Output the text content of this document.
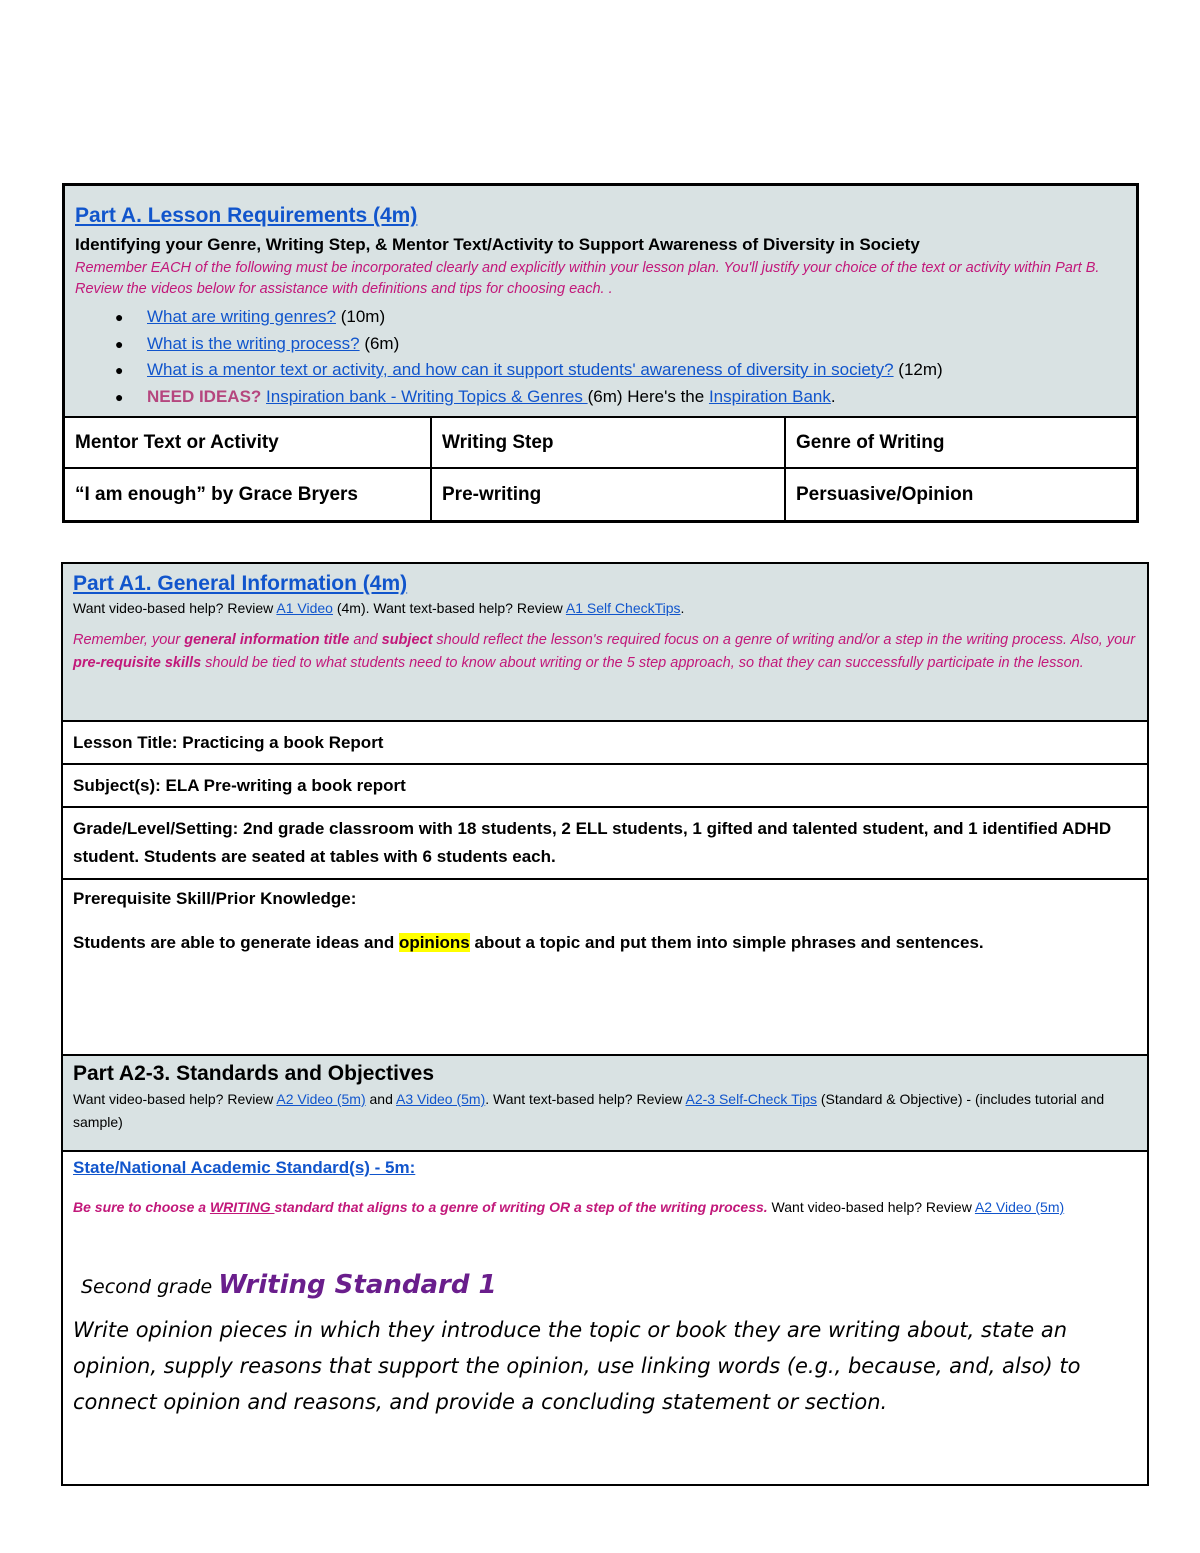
Part A. Lesson Requirements (4m)
Identifying your Genre, Writing Step, & Mentor Text/Activity to Support Awareness of Diversity in Society
Remember EACH of the following must be incorporated clearly and explicitly within your lesson plan. You'll justify your choice of the text or activity within Part B. Review the videos below for assistance with definitions and tips for choosing each. .
● What are writing genres? (10m)
● What is the writing process? (6m)
● What is a mentor text or activity, and how can it support students' awareness of diversity in society? (12m)
● NEED IDEAS? Inspiration bank - Writing Topics & Genres (6m) Here's the Inspiration Bank.
Mentor Text or Activity	Writing Step	Genre of Writing
“I am enough” by Grace Bryers	Pre-writing	Persuasive/Opinion
Part A1. General Information (4m)
Want video-based help? Review A1 Video (4m). Want text-based help? Review A1 Self CheckTips.
Remember, your general information title and subject should reflect the lesson's required focus on a genre of writing and/or a step in the writing process. Also, your pre-requisite skills should be tied to what students need to know about writing or the 5 step approach, so that they can successfully participate in the lesson.
Lesson Title: Practicing a book Report
Subject(s): ELA Pre-writing a book report
Grade/Level/Setting: 2nd grade classroom with 18 students, 2 ELL students, 1 gifted and talented student, and 1 identified ADHD student. Students are seated at tables with 6 students each.
Prerequisite Skill/Prior Knowledge:
Students are able to generate ideas and opinions about a topic and put them into simple phrases and sentences.
Part A2-3. Standards and Objectives
Want video-based help? Review A2 Video (5m) and A3 Video (5m). Want text-based help? Review A2-3 Self-Check Tips (Standard & Objective) - (includes tutorial and sample)
State/National Academic Standard(s) - 5m:
Be sure to choose a WRITING standard that aligns to a genre of writing OR a step of the writing process. Want video-based help? Review A2 Video (5m)
Second grade Writing Standard 1
Write opinion pieces in which they introduce the topic or book they are writing about, state an opinion, supply reasons that support the opinion, use linking words (e.g., because, and, also) to connect opinion and reasons, and provide a concluding statement or section.
